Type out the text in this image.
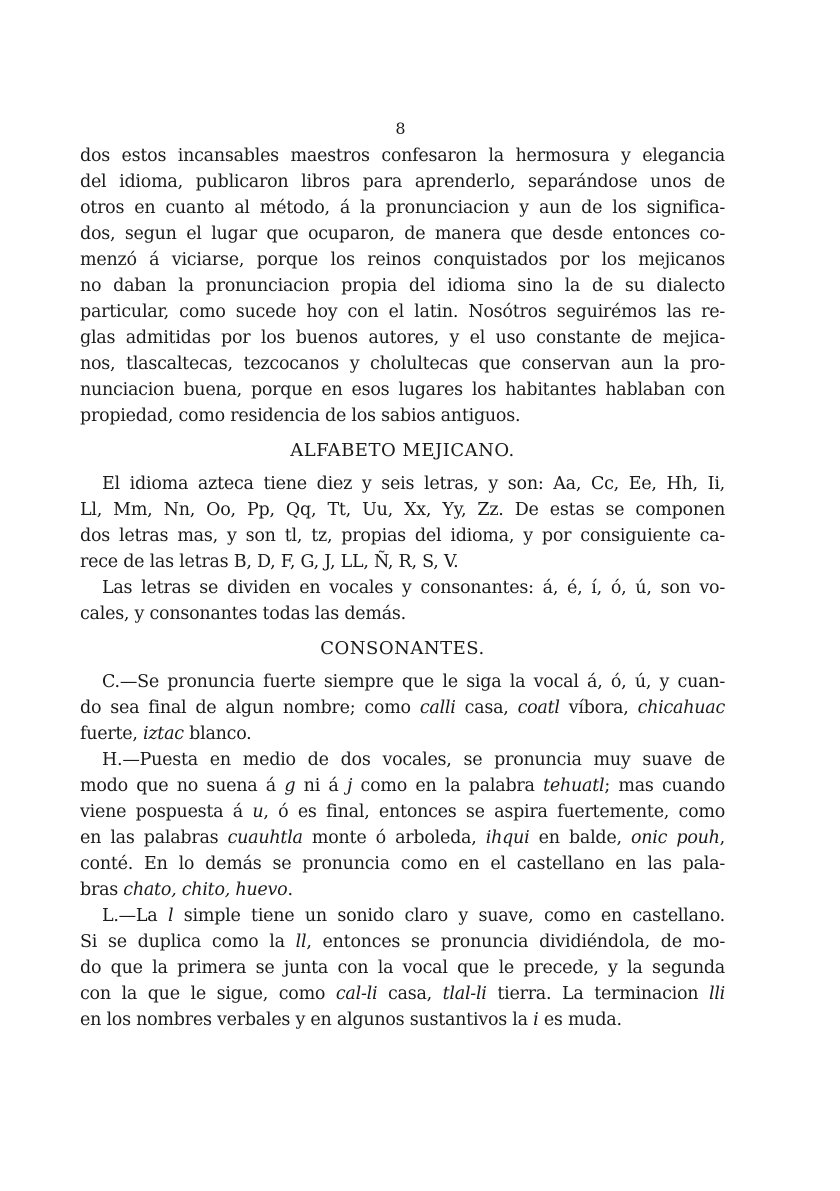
8
dos estos incansables maestros confesaron la hermosura y elegancia
del idioma, publicaron libros para aprenderlo, separándose unos de
otros en cuanto al método, á la pronunciacion y aun de los significa-
dos, segun el lugar que ocuparon, de manera que desde entonces co-
menzó á viciarse, porque los reinos conquistados por los mejicanos
no daban la pronunciacion propia del idioma sino la de su dialecto
particular, como sucede hoy con el latin. Nosótros seguirémos las re-
glas admitidas por los buenos autores, y el uso constante de mejica-
nos, tlascaltecas, tezcocanos y cholultecas que conservan aun la pro-
nunciacion buena, porque en esos lugares los habitantes hablaban con
propiedad, como residencia de los sabios antiguos.
ALFABETO MEJICANO.
El idioma azteca tiene diez y seis letras, y son: Aa, Cc, Ee, Hh, Ii,
Ll, Mm, Nn, Oo, Pp, Qq, Tt, Uu, Xx, Yy, Zz. De estas se componen
dos letras mas, y son tl, tz, propias del idioma, y por consiguiente ca-
rece de las letras B, D, F, G, J, LL, Ñ, R, S, V.
Las letras se dividen en vocales y consonantes: á, é, í, ó, ú, son vo-
cales, y consonantes todas las demás.
CONSONANTES.
C.—Se pronuncia fuerte siempre que le siga la vocal á, ó, ú, y cuan-
do sea final de algun nombre; como calli casa, coatl víbora, chicahuac
fuerte, iztac blanco.
H.—Puesta en medio de dos vocales, se pronuncia muy suave de
modo que no suena á g ni á j como en la palabra tehuatl; mas cuando
viene pospuesta á u, ó es final, entonces se aspira fuertemente, como
en las palabras cuauhtla monte ó arboleda, ihqui en balde, onic pouh,
conté. En lo demás se pronuncia como en el castellano en las pala-
bras chato, chito, huevo.
L.—La l simple tiene un sonido claro y suave, como en castellano.
Si se duplica como la ll, entonces se pronuncia dividiéndola, de mo-
do que la primera se junta con la vocal que le precede, y la segunda
con la que le sigue, como cal-li casa, tlal-li tierra. La terminacion lli
en los nombres verbales y en algunos sustantivos la i es muda.
